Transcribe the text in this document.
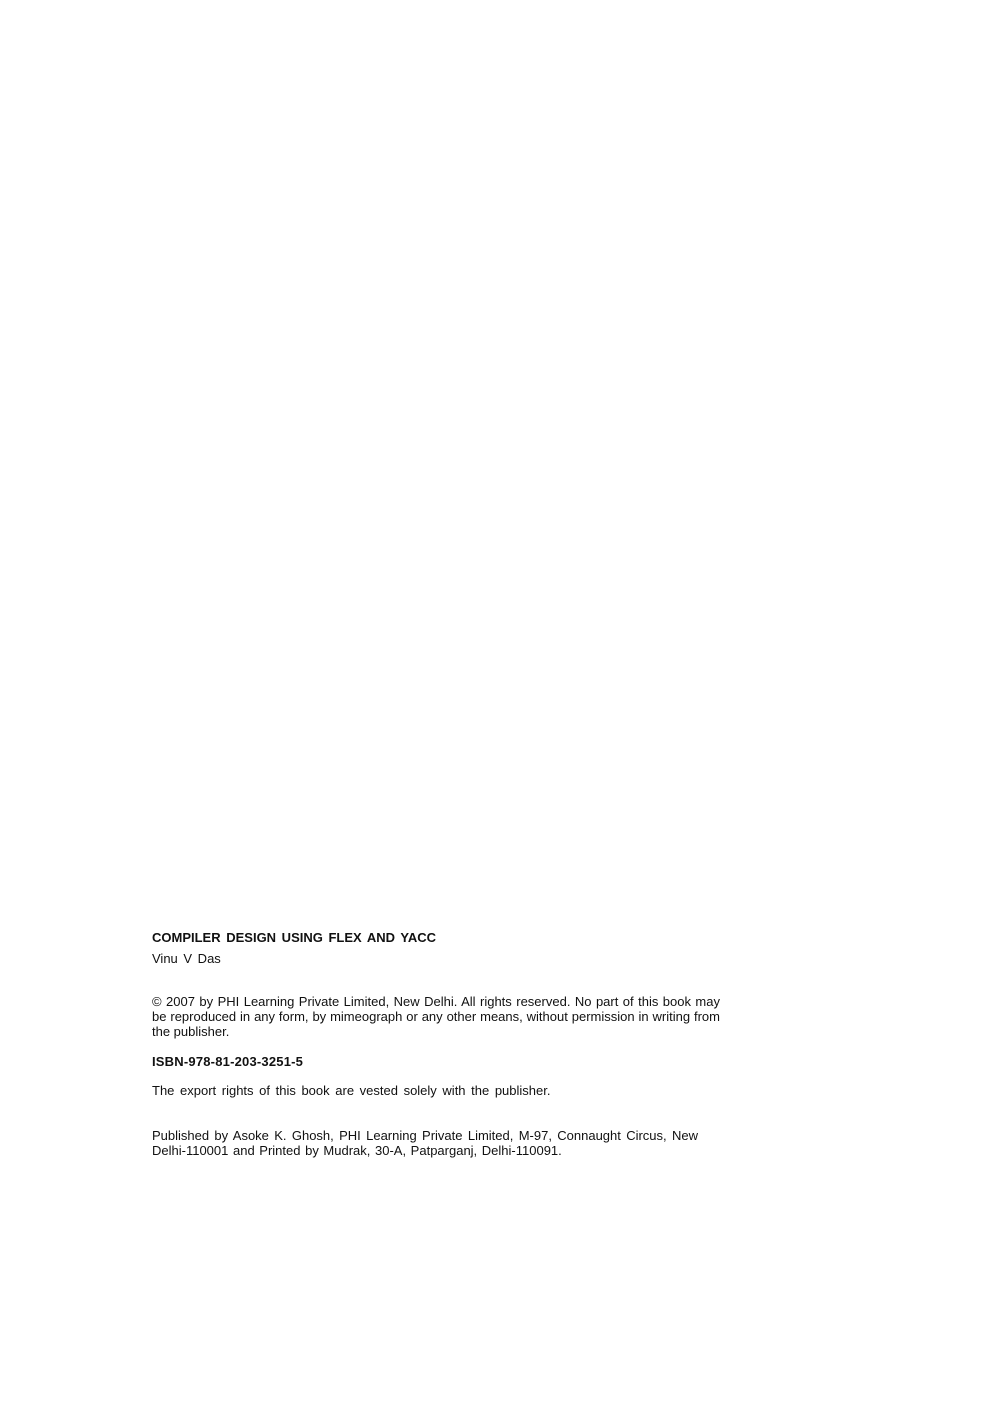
COMPILER DESIGN USING FLEX AND YACC

Vinu V Das

© 2007 by PHI Learning Private Limited, New Delhi. All rights reserved. No part of this book may be reproduced in any form, by mimeograph or any other means, without permission in writing from the publisher.

ISBN-978-81-203-3251-5

The export rights of this book are vested solely with the publisher.

Published by Asoke K. Ghosh, PHI Learning Private Limited, M-97, Connaught Circus, New Delhi-110001 and Printed by Mudrak, 30-A, Patparganj, Delhi-110091.
